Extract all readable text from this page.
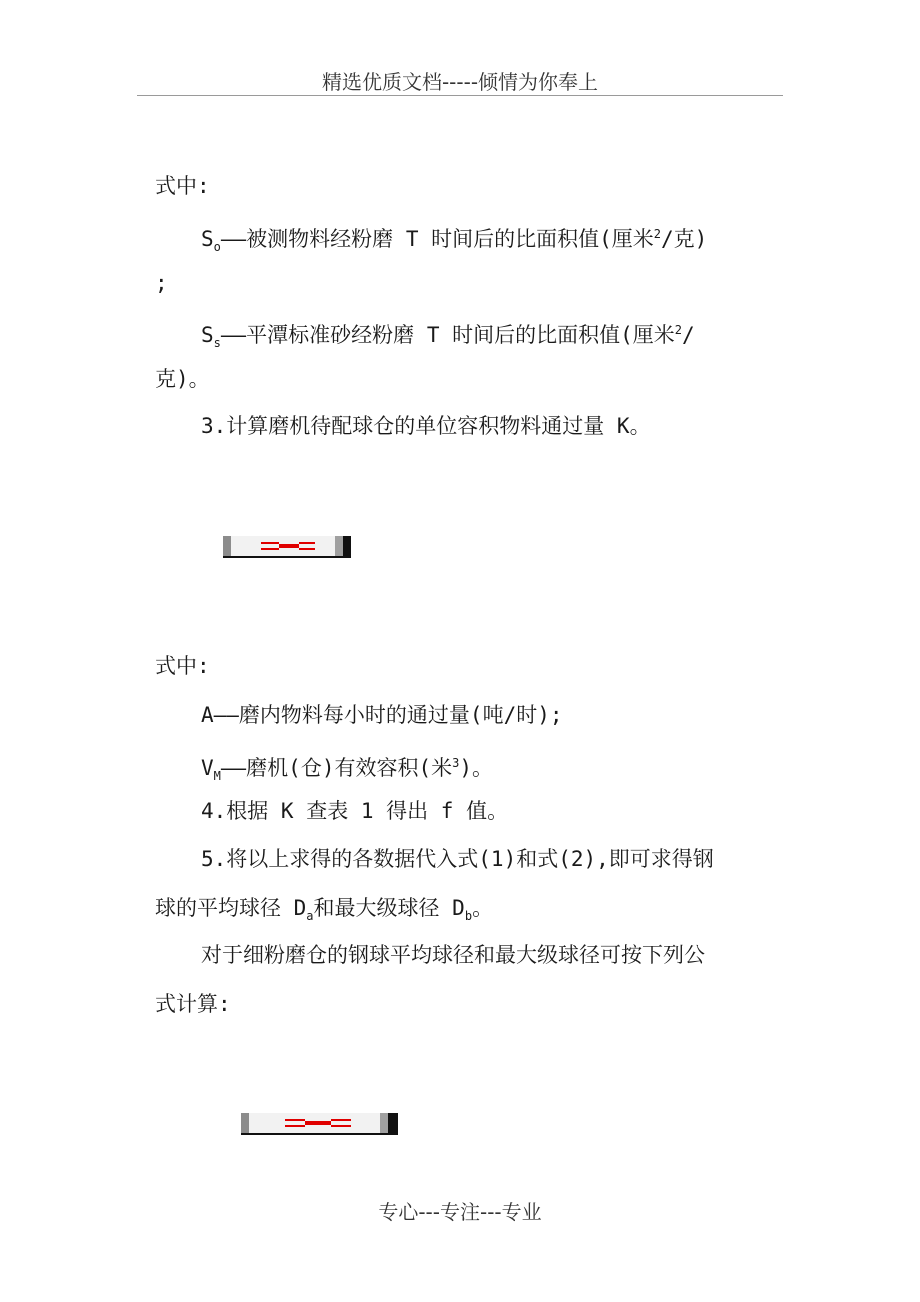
精选优质文档-----倾情为你奉上
式中:
$S_o——$被测物料经粉磨 T 时间后的比面积值(厘米$^2$/克)
;
$S_s——$平潭标准砂经粉磨 T 时间后的比面积值(厘米$^2$/
克)。
3.计算磨机待配球仓的单位容积物料通过量 K。
式中:
A——磨内物料每小时的通过量(吨/时);
$V_M——$磨机(仓)有效容积(米$^3$)。
4.根据 K 查表 1 得出 f 值。
5.将以上求得的各数据代入式(1)和式(2),即可求得钢
球的平均球径 $D_a$和最大级球径 $D_b$。
对于细粉磨仓的钢球平均球径和最大级球径可按下列公
式计算:
专心---专注---专业
